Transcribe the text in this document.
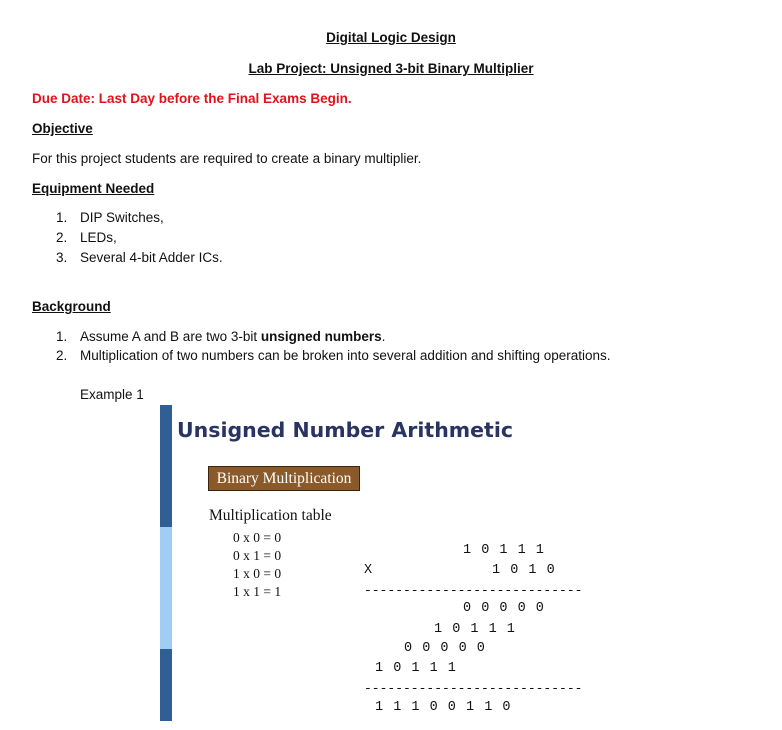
Digital Logic Design
Lab Project: Unsigned 3-bit Binary Multiplier
Due Date: Last Day before the Final Exams Begin.
Objective
For this project students are required to create a binary multiplier.
Equipment Needed
1. DIP Switches,
2. LEDs,
3. Several 4-bit Adder ICs.
Background
1. Assume A and B are two 3-bit unsigned numbers.
2. Multiplication of two numbers can be broken into several addition and shifting operations.
Example 1
Unsigned Number Arithmetic
Binary Multiplication
Multiplication table
0 x 0 = 0
0 x 1 = 0
1 x 0 = 0
1 x 1 = 1
1 0 1 1 1
X	1 0 1 0
----------------------------
0 0 0 0 0
1 0 1 1 1
0 0 0 0 0
1 0 1 1 1
----------------------------
1 1 1 0 0 1 1 0
